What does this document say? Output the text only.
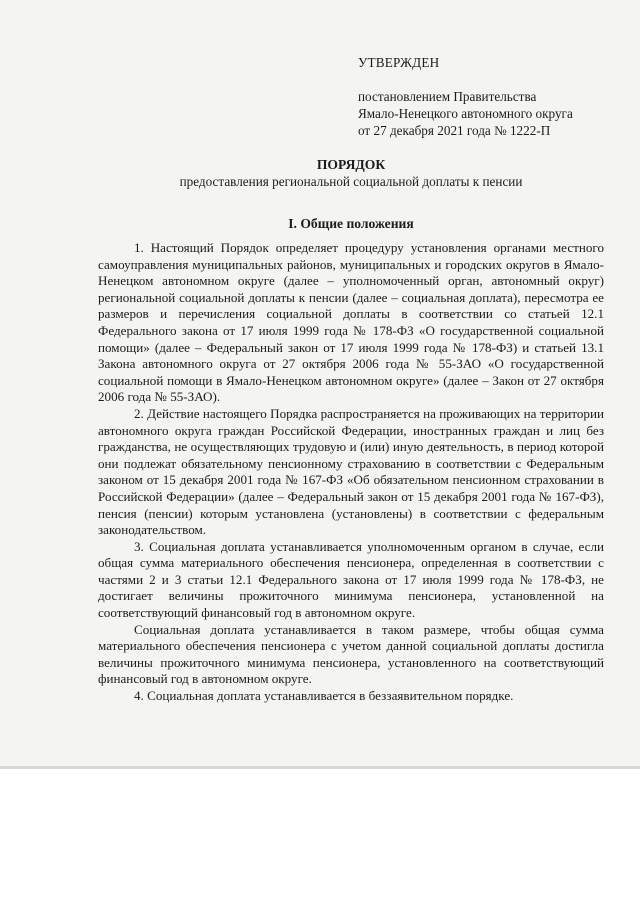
УТВЕРЖДЕН
постановлением Правительства
Ямало-Ненецкого автономного округа
от 27 декабря 2021 года № 1222-П
ПОРЯДОК
предоставления региональной социальной доплаты к пенсии
I. Общие положения

1. Настоящий Порядок определяет процедуру установления органами местного самоуправления муниципальных районов, муниципальных и городских округов в Ямало-Ненецком автономном округе (далее – уполномоченный орган, автономный округ) региональной социальной доплаты к пенсии (далее – социальная доплата), пересмотра ее размеров и перечисления социальной доплаты в соответствии со статьей 12.1 Федерального закона от 17 июля 1999 года № 178-ФЗ «О государственной социальной помощи» (далее – Федеральный закон от 17 июля 1999 года № 178-ФЗ) и статьей 13.1 Закона автономного округа от 27 октября 2006 года № 55-ЗАО «О государственной социальной помощи в Ямало-Ненецком автономном округе» (далее – Закон от 27 октября 2006 года № 55-ЗАО).

2. Действие настоящего Порядка распространяется на проживающих на территории автономного округа граждан Российской Федерации, иностранных граждан и лиц без гражданства, не осуществляющих трудовую и (или) иную деятельность, в период которой они подлежат обязательному пенсионному страхованию в соответствии с Федеральным законом от 15 декабря 2001 года № 167-ФЗ «Об обязательном пенсионном страховании в Российской Федерации» (далее – Федеральный закон от 15 декабря 2001 года № 167-ФЗ), пенсия (пенсии) которым установлена (установлены) в соответствии с федеральным законодательством.

3. Социальная доплата устанавливается уполномоченным органом в случае, если общая сумма материального обеспечения пенсионера, определенная в соответствии с частями 2 и 3 статьи 12.1 Федерального закона от 17 июля 1999 года № 178-ФЗ, не достигает величины прожиточного минимума пенсионера, установленной на соответствующий финансовый год в автономном округе.

Социальная доплата устанавливается в таком размере, чтобы общая сумма материального обеспечения пенсионера с учетом данной социальной доплаты достигла величины прожиточного минимума пенсионера, установленного на соответствующий финансовый год в автономном округе.

4. Социальная доплата устанавливается в беззаявительном порядке.
